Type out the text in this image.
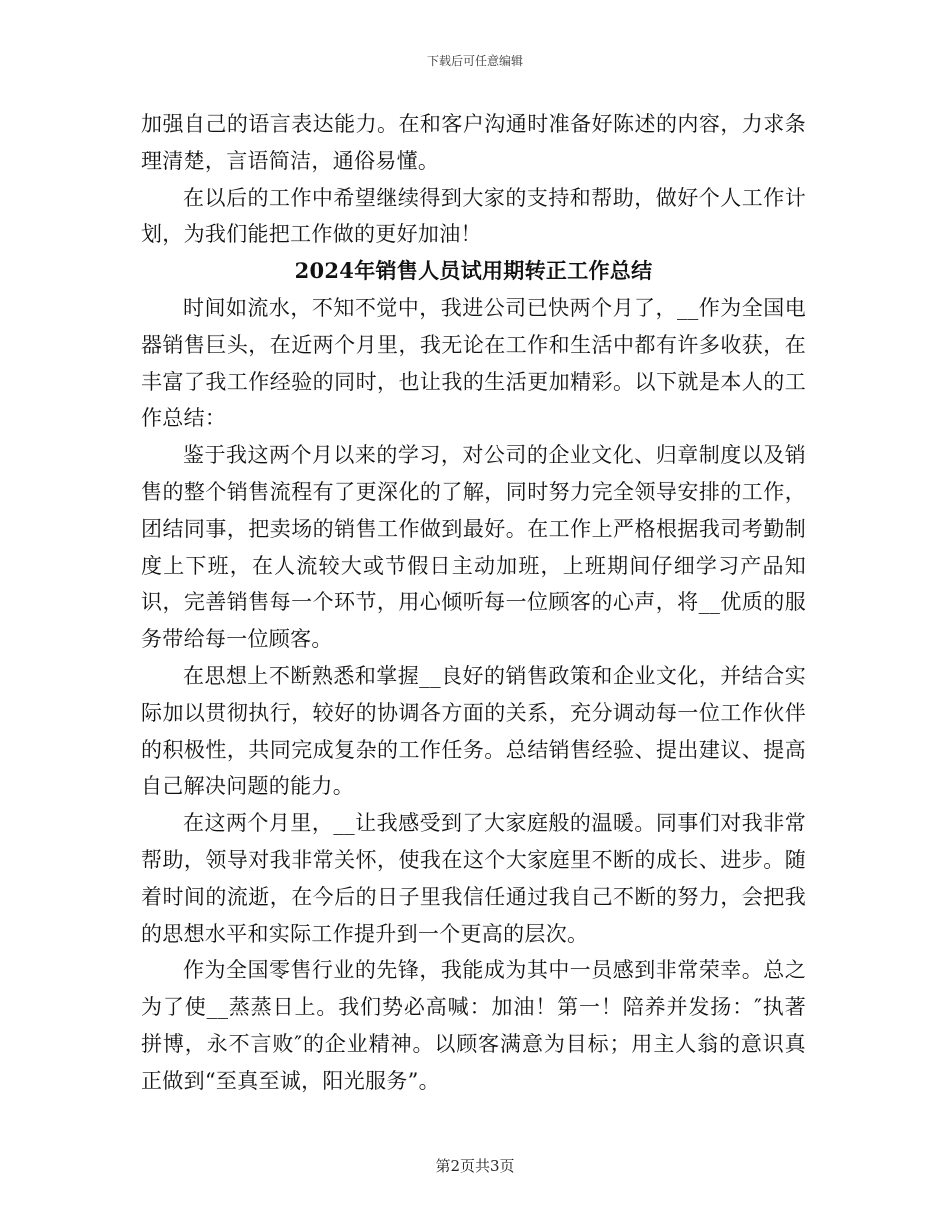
下载后可任意编辑

加强自己的语言表达能力。在和客户沟通时准备好陈述的内容，力求条理清楚，言语简洁，通俗易懂。

在以后的工作中希望继续得到大家的支持和帮助，做好个人工作计划，为我们能把工作做的更好加油！

2024年销售人员试用期转正工作总结

时间如流水，不知不觉中，我进公司已快两个月了，__作为全国电器销售巨头，在近两个月里，我无论在工作和生活中都有许多收获，在丰富了我工作经验的同时，也让我的生活更加精彩。以下就是本人的工作总结：

鉴于我这两个月以来的学习，对公司的企业文化、归章制度以及销售的整个销售流程有了更深化的了解，同时努力完全领导安排的工作，团结同事，把卖场的销售工作做到最好。在工作上严格根据我司考勤制度上下班，在人流较大或节假日主动加班，上班期间仔细学习产品知识，完善销售每一个环节，用心倾听每一位顾客的心声，将__优质的服务带给每一位顾客。

在思想上不断熟悉和掌握__良好的销售政策和企业文化，并结合实际加以贯彻执行，较好的协调各方面的关系，充分调动每一位工作伙伴的积极性，共同完成复杂的工作任务。总结销售经验、提出建议、提高自己解决问题的能力。

在这两个月里，__让我感受到了大家庭般的温暖。同事们对我非常帮助，领导对我非常关怀，使我在这个大家庭里不断的成长、进步。随着时间的流逝，在今后的日子里我信任通过我自己不断的努力，会把我的思想水平和实际工作提升到一个更高的层次。

作为全国零售行业的先锋，我能成为其中一员感到非常荣幸。总之为了使__蒸蒸日上。我们势必高喊：加油！第一！陪养并发扬：″执著拼博，永不言败″的企业精神。以顾客满意为目标；用主人翁的意识真正做到“至真至诚，阳光服务”。

第2页共3页
